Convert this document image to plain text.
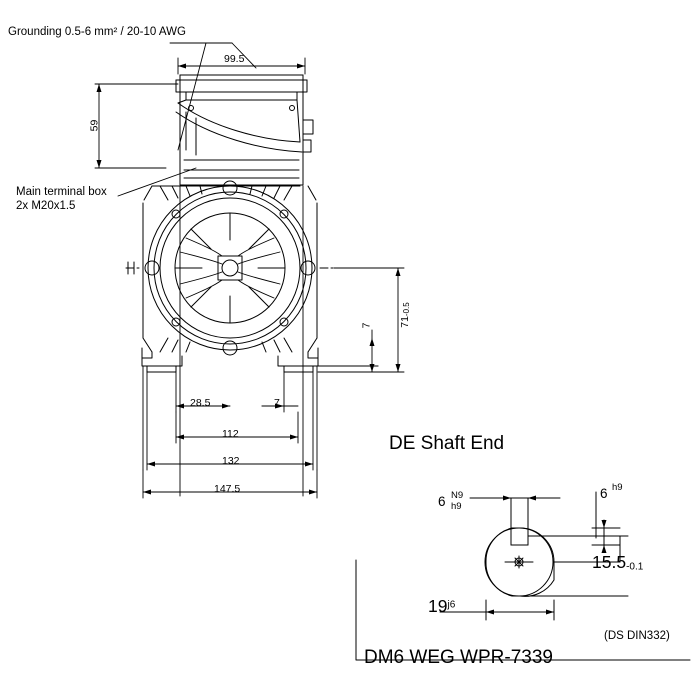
Grounding 0.5-6 mm² / 20-10 AWG
Main terminal box
2x M20x1.5
99.5
59
71-0.5
7
28.5	7
112
132
147.5
DE Shaft End
6 N9
h9
6 h9
15.5-0.1
$19^{j6}$
(DS DIN332)
DM6 WEG WPR-7339
